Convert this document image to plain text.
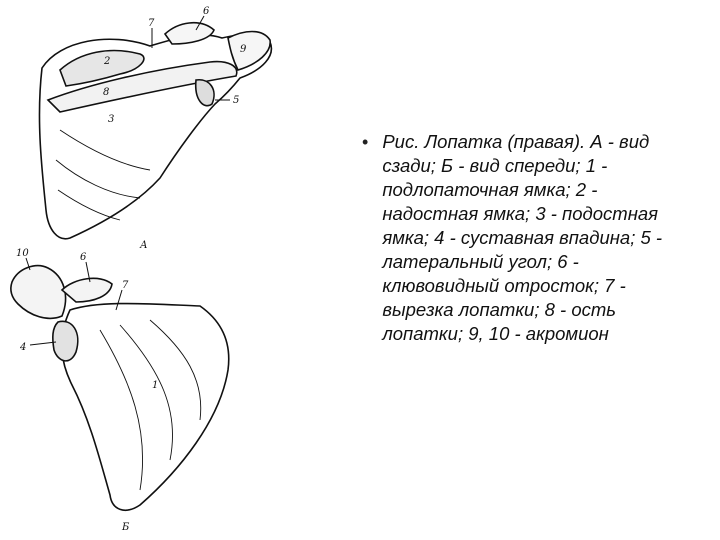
7
6
9
2
8
3
5
А
10	6
7
4
1
Б
• Рис. Лопатка (правая). А - вид сзади; Б - вид спереди; 1 - подлопаточная ямка; 2 - надостная ямка; 3 - подостная ямка; 4 - суставная впадина; 5 - латеральный угол; 6 - клювовидный отросток; 7 - вырезка лопатки; 8 - ость лопатки; 9, 10 - акромион
